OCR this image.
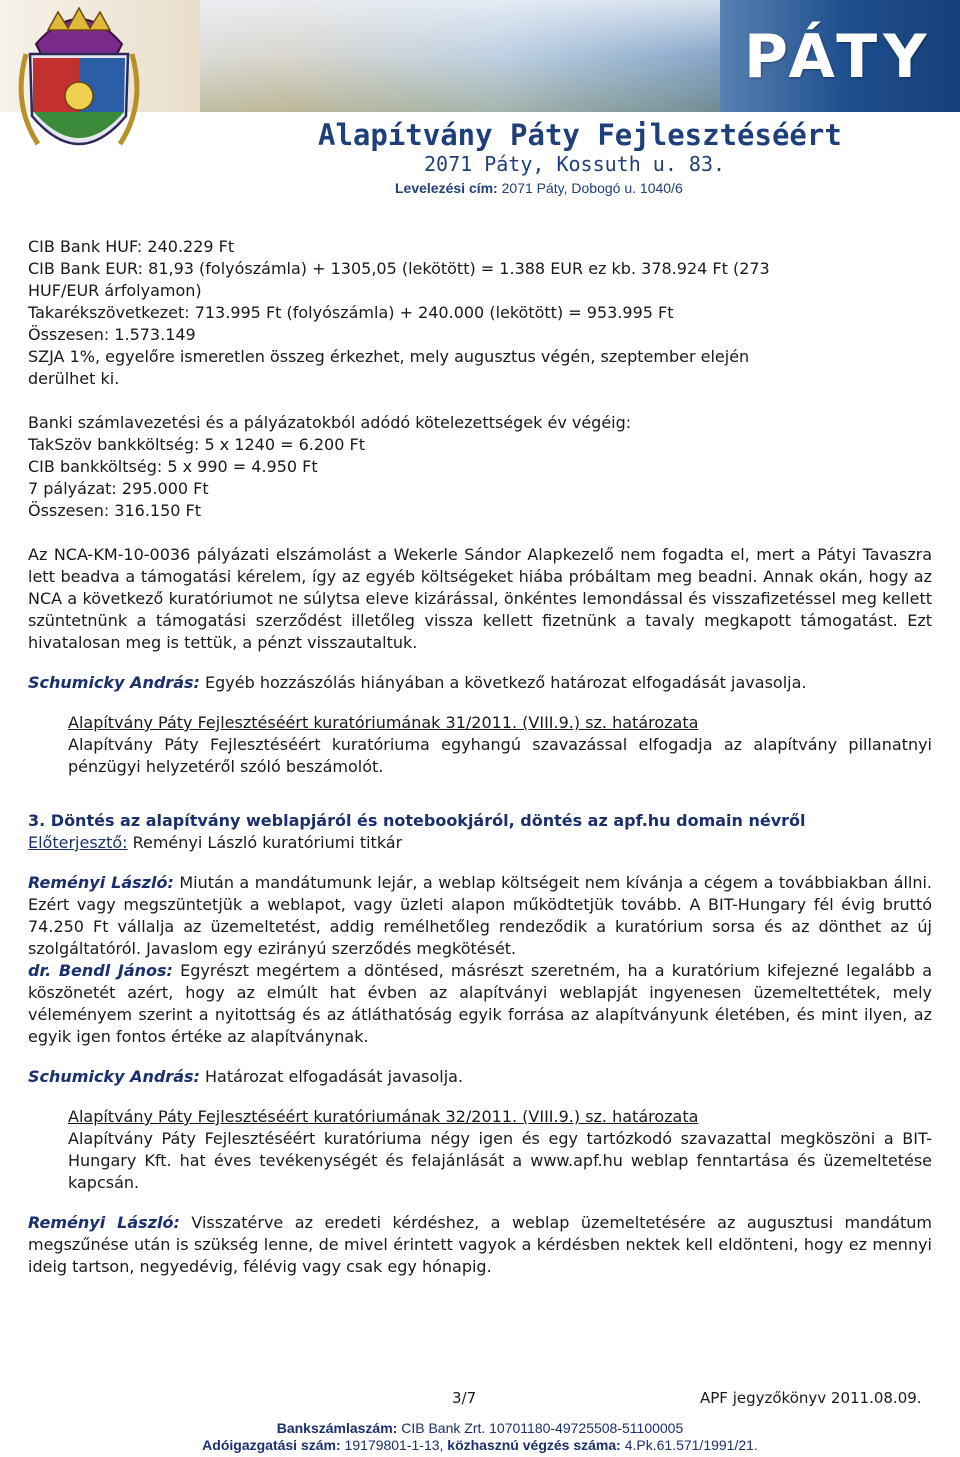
PÁTY
Alapítvány Páty Fejlesztéséért
2071 Páty, Kossuth u. 83.
Levelezési cím: 2071 Páty, Dobogó u. 1040/6

CIB Bank HUF: 240.229 Ft

CIB Bank EUR: 81,93 (folyószámla) + 1305,05 (lekötött) = 1.388 EUR ez kb. 378.924 Ft (273

HUF/EUR árfolyamon)

Takarékszövetkezet: 713.995 Ft (folyószámla) + 240.000 (lekötött) = 953.995 Ft

Összesen: 1.573.149

SZJA 1%, egyelőre ismeretlen összeg érkezhet, mely augusztus végén, szeptember elején

derülhet ki.

Banki számlavezetési és a pályázatokból adódó kötelezettségek év végéig:

TakSzöv bankköltség: 5 x 1240 = 6.200 Ft

CIB bankköltség: 5 x 990 = 4.950 Ft

7 pályázat: 295.000 Ft

Összesen: 316.150 Ft

Az NCA-KM-10-0036 pályázati elszámolást a Wekerle Sándor Alapkezelő nem fogadta el, mert a Pátyi Tavaszra lett beadva a támogatási kérelem, így az egyéb költségeket hiába próbáltam meg beadni. Annak okán, hogy az NCA a következő kuratóriumot ne súlytsa eleve kizárással, önkéntes lemondással és visszafizetéssel meg kellett szüntetnünk a támogatási szerződést illetőleg vissza kellett fizetnünk a tavaly megkapott támogatást. Ezt hivatalosan meg is tettük, a pénzt visszautaltuk.

Schumicky András: Egyéb hozzászólás hiányában a következő határozat elfogadását javasolja.

Alapítvány Páty Fejlesztéséért kuratóriumának 31/2011. (VIII.9.) sz. határozata

Alapítvány Páty Fejlesztéséért kuratóriuma egyhangú szavazással elfogadja az alapítvány pillanatnyi pénzügyi helyzetéről szóló beszámolót.

3. Döntés az alapítvány weblapjáról és notebookjáról, döntés az apf.hu domain névről

Előterjesztő: Reményi László kuratóriumi titkár

Reményi László: Miután a mandátumunk lejár, a weblap költségeit nem kívánja a cégem a továbbiakban állni. Ezért vagy megszüntetjük a weblapot, vagy üzleti alapon működtetjük tovább. A BIT-Hungary fél évig bruttó 74.250 Ft vállalja az üzemeltetést, addig remélhetőleg rendeződik a kuratórium sorsa és az dönthet az új szolgáltatóról. Javaslom egy ezirányú szerződés megkötését.

dr. Bendl János: Egyrészt megértem a döntésed, másrészt szeretném, ha a kuratórium kifejezné legalább a köszönetét azért, hogy az elmúlt hat évben az alapítványi weblapját ingyenesen üzemeltettétek, mely véleményem szerint a nyitottság és az átláthatóság egyik forrása az alapítványunk életében, és mint ilyen, az egyik igen fontos értéke az alapítványnak.

Schumicky András: Határozat elfogadását javasolja.

Alapítvány Páty Fejlesztéséért kuratóriumának 32/2011. (VIII.9.) sz. határozata

Alapítvány Páty Fejlesztéséért kuratóriuma négy igen és egy tartózkodó szavazattal megköszöni a BIT-Hungary Kft. hat éves tevékenységét és felajánlását a www.apf.hu weblap fenntartása és üzemeltetése kapcsán.

Reményi László: Visszatérve az eredeti kérdéshez, a weblap üzemeltetésére az augusztusi mandátum megszűnése után is szükség lenne, de mivel érintett vagyok a kérdésben nektek kell eldönteni, hogy ez mennyi ideig tartson, negyedévig, félévig vagy csak egy hónapig.

3/7	APF jegyzőkönyv 2011.08.09.
Bankszámlaszám: CIB Bank Zrt. 10701180-49725508-51100005
Adóigazgatási szám: 19179801-1-13, közhasznú végzés száma: 4.Pk.61.571/1991/21.
